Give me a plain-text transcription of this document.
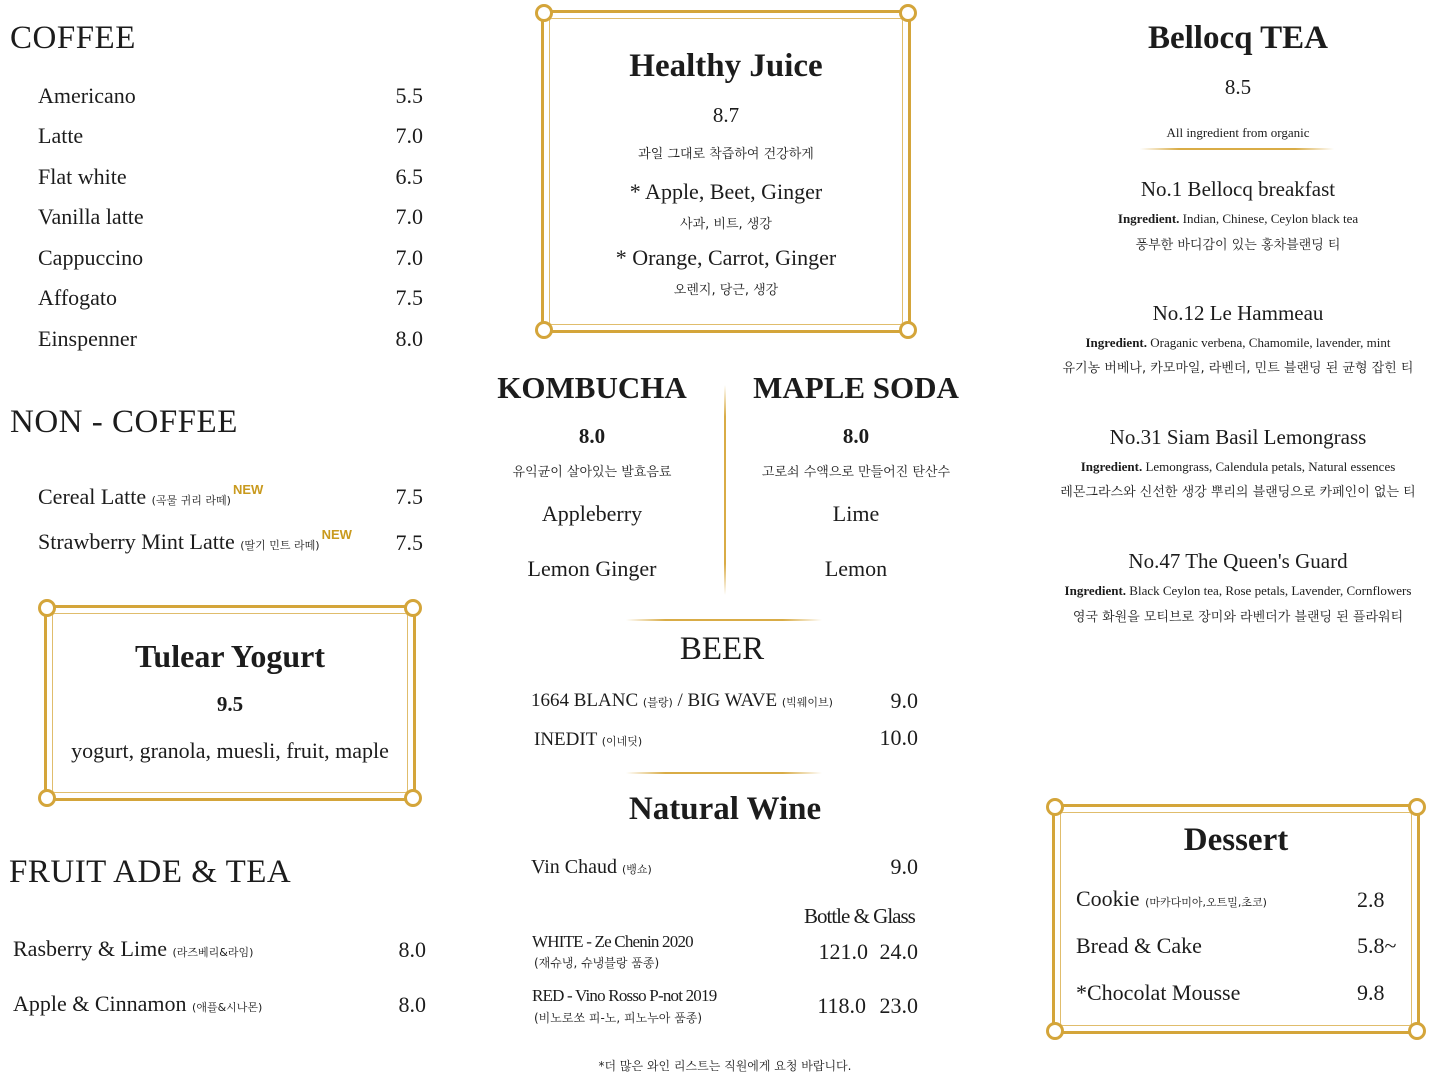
COFFEE
Americano	5.5
Latte	7.0
Flat white	6.5
Vanilla latte	7.0
Cappuccino	7.0
Affogato	7.5
Einspenner	8.0
NON - COFFEE
Cereal Latte (곡물 귀리 라떼)$^{NEW}$	7.5
Strawberry Mint Latte (딸기 민트 라떼)$^{NEW}$	7.5
Tulear Yogurt
9.5
yogurt, granola, muesli, fruit, maple
FRUIT ADE & TEA
Rasberry & Lime (라즈베리&라임)	8.0
Apple & Cinnamon (애플&시나몬)	8.0
Healthy Juice
8.7
과일 그대로 착즙하여 건강하게
* Apple, Beet, Ginger
사과, 비트, 생강
* Orange, Carrot, Ginger
오렌지, 당근, 생강
KOMBUCHA
8.0
유익균이 살아있는 발효음료
Appleberry
Lemon Ginger
MAPLE SODA
8.0
고로쇠 수액으로 만들어진 탄산수
Lime
Lemon
BEER
1664 BLANC (블랑) / BIG WAVE (빅웨이브)	9.0
INEDIT (이네딧)	10.0
Natural Wine
Vin Chaud (뱅쇼)	9.0
Bottle & Glass
WHITE - Ze Chenin 2020
(재슈냉, 슈냉블랑 품종)	121.0 24.0
RED - Vino Rosso P-not 2019
(비노로쏘 피-노, 피노누아 품종)	118.0 23.0
*더 많은 와인 리스트는 직원에게 요청 바랍니다.
Bellocq TEA
8.5
All ingredient from organic
No.1 Bellocq breakfast
Ingredient. Indian, Chinese, Ceylon black tea
풍부한 바디감이 있는 홍차블랜딩 티
No.12 Le Hammeau
Ingredient. Oraganic verbena, Chamomile, lavender, mint
유기농 버베나, 카모마일, 라벤더, 민트 블랜딩 된 균형 잡힌 티
No.31 Siam Basil Lemongrass
Ingredient. Lemongrass, Calendula petals, Natural essences
레몬그라스와 신선한 생강 뿌리의 블랜딩으로 카페인이 없는 티
No.47 The Queen's Guard
Ingredient. Black Ceylon tea, Rose petals, Lavender, Cornflowers
영국 화원을 모티브로 장미와 라벤더가 블랜딩 된 플라워티
Dessert
Cookie (마카다미아,오트밀,초코)	2.8
Bread & Cake	5.8~
*Chocolat Mousse	9.8
